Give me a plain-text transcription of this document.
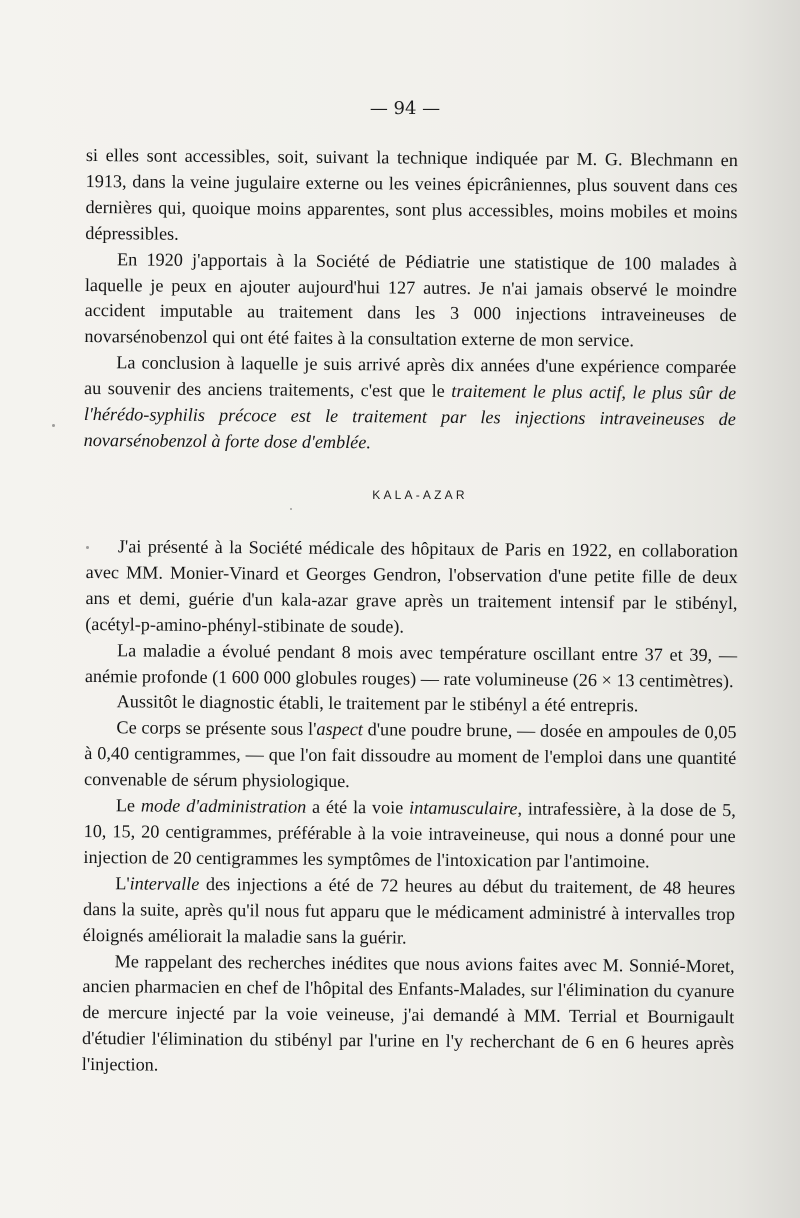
— 94 —

si elles sont accessibles, soit, suivant la technique indiquée par M. G. Blechmann en 1913, dans la veine jugulaire externe ou les veines épicrâniennes, plus souvent dans ces dernières qui, quoique moins apparentes, sont plus accessibles, moins mobiles et moins dépressibles.

En 1920 j'apportais à la Société de Pédiatrie une statistique de 100 malades à laquelle je peux en ajouter aujourd'hui 127 autres. Je n'ai jamais observé le moindre accident imputable au traitement dans les 3 000 injections intraveineuses de novarsénobenzol qui ont été faites à la consultation externe de mon service.

La conclusion à laquelle je suis arrivé après dix années d'une expérience comparée au souvenir des anciens traitements, c'est que le traitement le plus actif, le plus sûr de l'hérédo-syphilis précoce est le traitement par les injections intraveineuses de novarsénobenzol à forte dose d'emblée.

KALA-AZAR

J'ai présenté à la Société médicale des hôpitaux de Paris en 1922, en collaboration avec MM. Monier-Vinard et Georges Gendron, l'observation d'une petite fille de deux ans et demi, guérie d'un kala-azar grave après un traitement intensif par le stibényl, (acétyl-p-amino-phényl-stibinate de soude).

La maladie a évolué pendant 8 mois avec température oscillant entre 37 et 39, — anémie profonde (1 600 000 globules rouges) — rate volumineuse (26 × 13 centimètres).

Aussitôt le diagnostic établi, le traitement par le stibényl a été entrepris.

Ce corps se présente sous l'aspect d'une poudre brune, — dosée en ampoules de 0,05 à 0,40 centigrammes, — que l'on fait dissoudre au moment de l'emploi dans une quantité convenable de sérum physiologique.

Le mode d'administration a été la voie intamusculaire, intrafessière, à la dose de 5, 10, 15, 20 centigrammes, préférable à la voie intraveineuse, qui nous a donné pour une injection de 20 centigrammes les symptômes de l'intoxication par l'antimoine.

L'intervalle des injections a été de 72 heures au début du traitement, de 48 heures dans la suite, après qu'il nous fut apparu que le médicament administré à intervalles trop éloignés améliorait la maladie sans la guérir.

Me rappelant des recherches inédites que nous avions faites avec M. Sonnié-Moret, ancien pharmacien en chef de l'hôpital des Enfants-Malades, sur l'élimination du cyanure de mercure injecté par la voie veineuse, j'ai demandé à MM. Terrial et Bournigault d'étudier l'élimination du stibényl par l'urine en l'y recherchant de 6 en 6 heures après l'injection.
